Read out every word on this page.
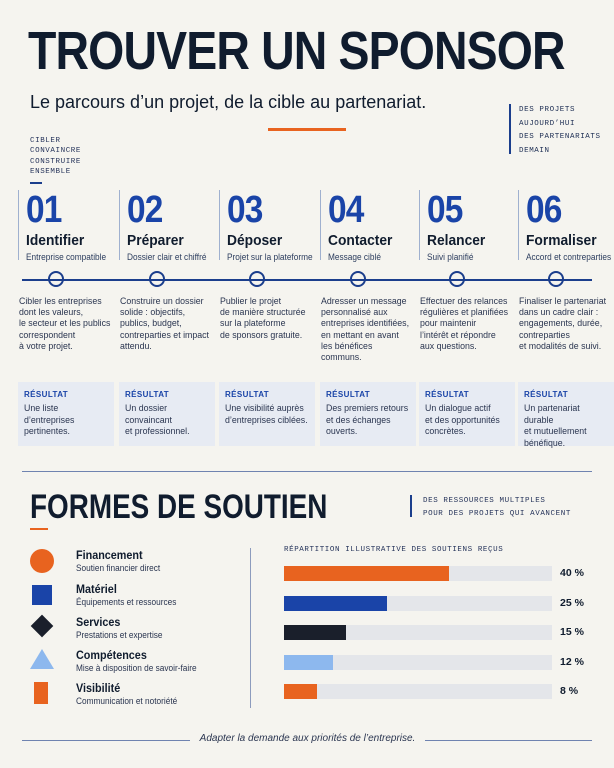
TROUVER UN SPONSOR
Le parcours d’un projet, de la cible au partenariat.	DES PROJETS
AUJOURD’HUI
DES PARTENARIATS
DEMAIN
CIBLER
CONVAINCRE
CONSTRUIRE
ENSEMBLE
01
Identifier
Entreprise compatible
Cibler les entreprises
dont les valeurs,
le secteur et les publics
correspondent
à votre projet.
RÉSULTAT
Une liste d’entreprises
pertinentes.
02
Préparer
Dossier clair et chiffré
Construire un dossier
solide : objectifs,
publics, budget,
contreparties et impact
attendu.
RÉSULTAT
Un dossier convaincant
et professionnel.
03
Déposer
Projet sur la plateforme
Publier le projet
de manière structurée
sur la plateforme
de sponsors gratuite.
RÉSULTAT
Une visibilité auprès
d’entreprises ciblées.
04
Contacter
Message ciblé
Adresser un message
personnalisé aux
entreprises identifiées,
en mettant en avant
les bénéfices communs.
RÉSULTAT
Des premiers retours
et des échanges
ouverts.
05
Relancer
Suivi planifié
Effectuer des relances
régulières et planifiées
pour maintenir
l’intérêt et répondre
aux questions.
RÉSULTAT
Un dialogue actif
et des opportunités
concrètes.
06
Formaliser
Accord et contreparties
Finaliser le partenariat
dans un cadre clair :
engagements, durée,
contreparties
et modalités de suivi.
RÉSULTAT
Un partenariat durable
et mutuellement
bénéfique.
FORMES DE SOUTIEN	DES RESSOURCES MULTIPLES
POUR DES PROJETS QUI AVANCENT
Financement
Soutien financier direct
Matériel
Équipements et ressources
Services
Prestations et expertise
Compétences
Mise à disposition de savoir-faire
Visibilité
Communication et notoriété
RÉPARTITION ILLUSTRATIVE DES SOUTIENS REÇUS
40 %
25 %
15 %
12 %
8 %
Adapter la demande aux priorités de l’entreprise.
